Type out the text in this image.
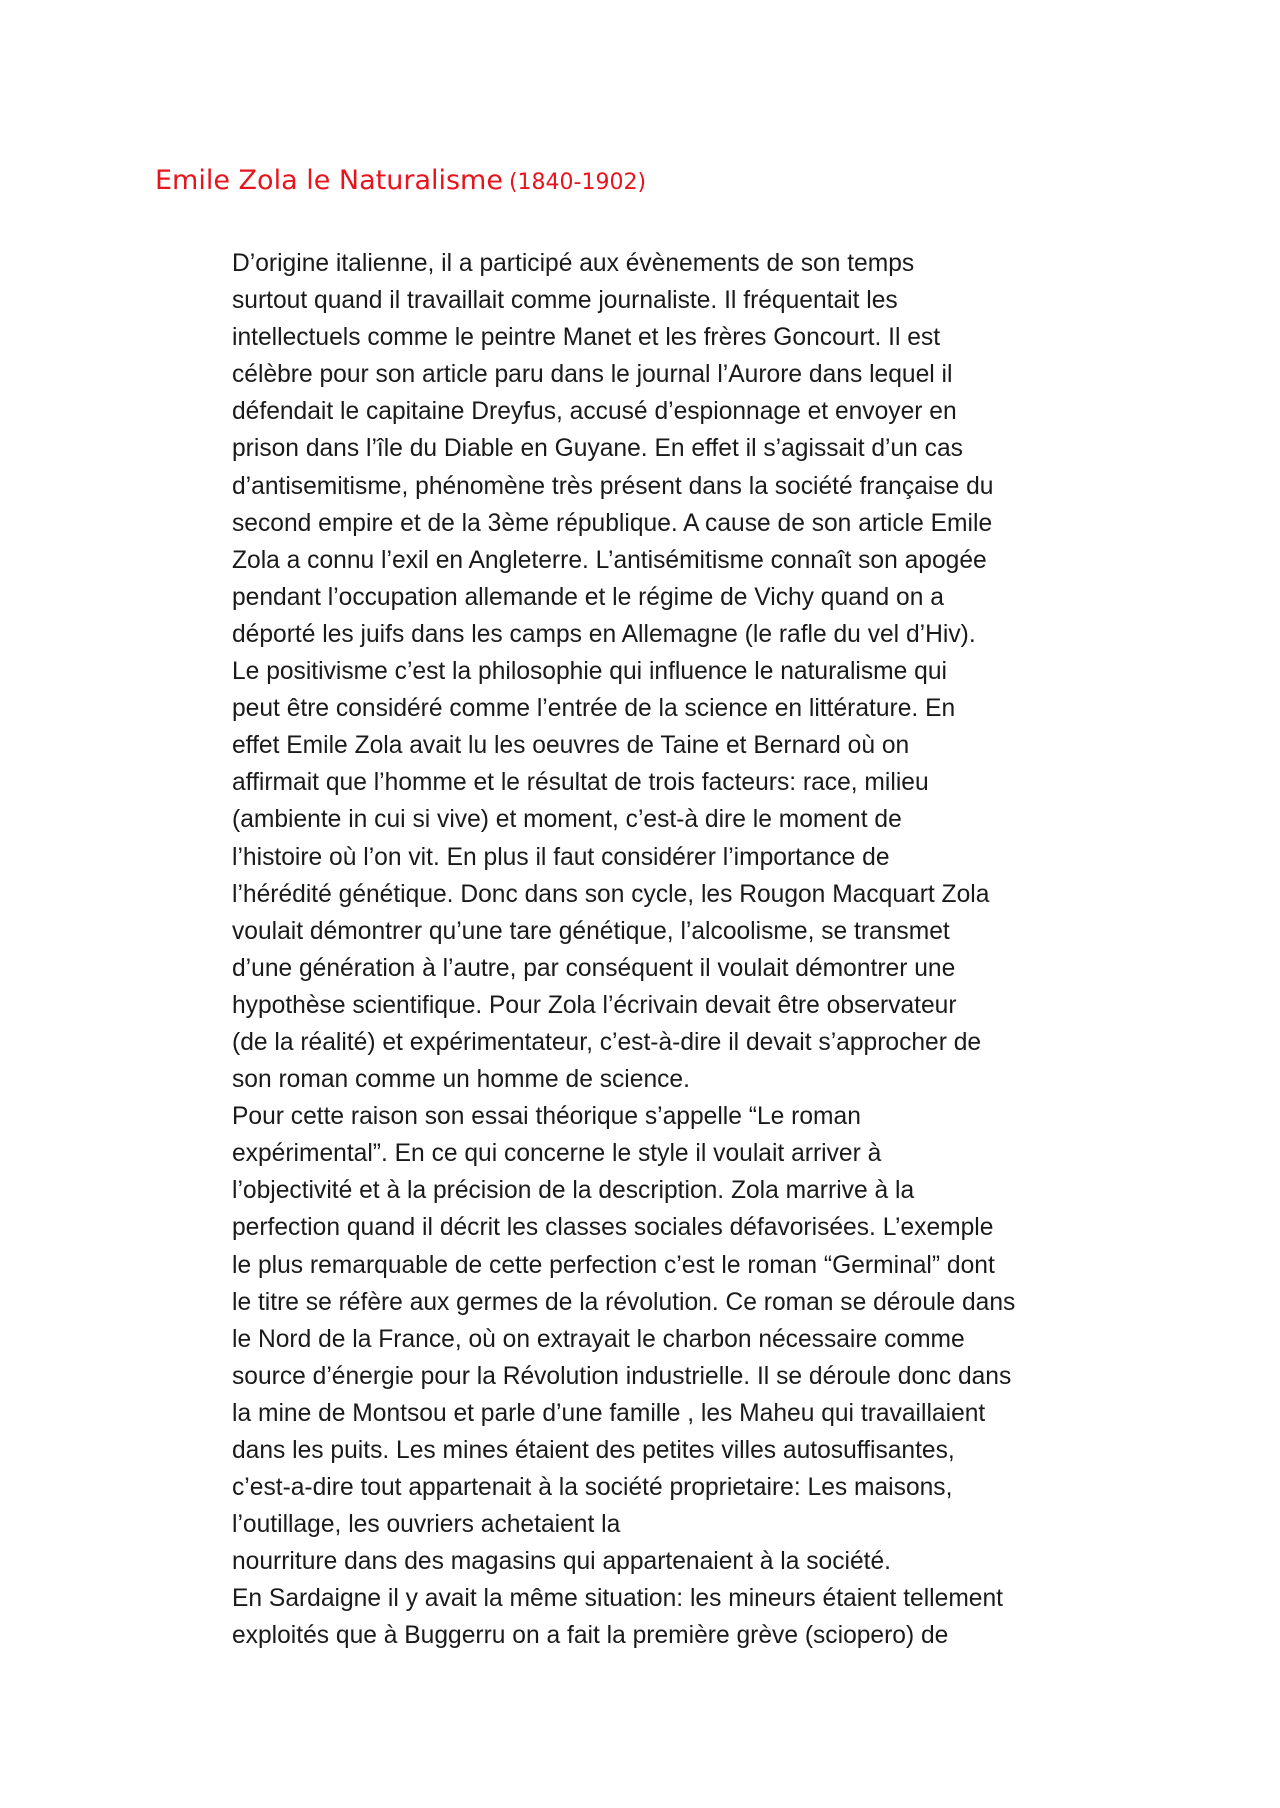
Emile Zola le Naturalisme (1840-1902)
D’origine italienne, il a participé aux évènements de son temps
surtout quand il travaillait comme journaliste. Il fréquentait les
intellectuels comme le peintre Manet et les frères Goncourt. Il est
célèbre pour son article paru dans le journal l’Aurore dans lequel il
défendait le capitaine Dreyfus, accusé d’espionnage et envoyer en
prison dans l’île du Diable en Guyane. En effet il s’agissait d’un cas
d’antisemitisme, phénomène très présent dans la société française du
second empire et de la 3ème république. A cause de son article Emile
Zola a connu l’exil en Angleterre. L’antisémitisme connaît son apogée
pendant l’occupation allemande et le régime de Vichy quand on a
déporté les juifs dans les camps en Allemagne (le rafle du vel d’Hiv).
Le positivisme c’est la philosophie qui influence le naturalisme qui
peut être considéré comme l’entrée de la science en littérature. En
effet Emile Zola avait lu les oeuvres de Taine et Bernard où on
affirmait que l’homme et le résultat de trois facteurs: race, milieu
(ambiente in cui si vive) et moment, c’est-à dire le moment de
l’histoire où l’on vit. En plus il faut considérer l’importance de
l’hérédité génétique. Donc dans son cycle, les Rougon Macquart Zola
voulait démontrer qu’une tare génétique, l’alcoolisme, se transmet
d’une génération à l’autre, par conséquent il voulait démontrer une
hypothèse scientifique. Pour Zola l’écrivain devait être observateur
(de la réalité) et expérimentateur, c’est-à-dire il devait s’approcher de
son roman comme un homme de science.
Pour cette raison son essai théorique s’appelle “Le roman
expérimental”. En ce qui concerne le style il voulait arriver à
l’objectivité et à la précision de la description. Zola marrive à la
perfection quand il décrit les classes sociales défavorisées. L’exemple
le plus remarquable de cette perfection c’est le roman “Germinal” dont
le titre se réfère aux germes de la révolution. Ce roman se déroule dans
le Nord de la France, où on extrayait le charbon nécessaire comme
source d’énergie pour la Révolution industrielle. Il se déroule donc dans
la mine de Montsou et parle d’une famille , les Maheu qui travaillaient
dans les puits. Les mines étaient des petites villes autosuffisantes,
c’est-a-dire tout appartenait à la société proprietaire: Les maisons,
l’outillage, les ouvriers achetaient la
nourriture dans des magasins qui appartenaient à la société.
En Sardaigne il y avait la même situation: les mineurs étaient tellement
exploités que à Buggerru on a fait la première grève (sciopero) de
